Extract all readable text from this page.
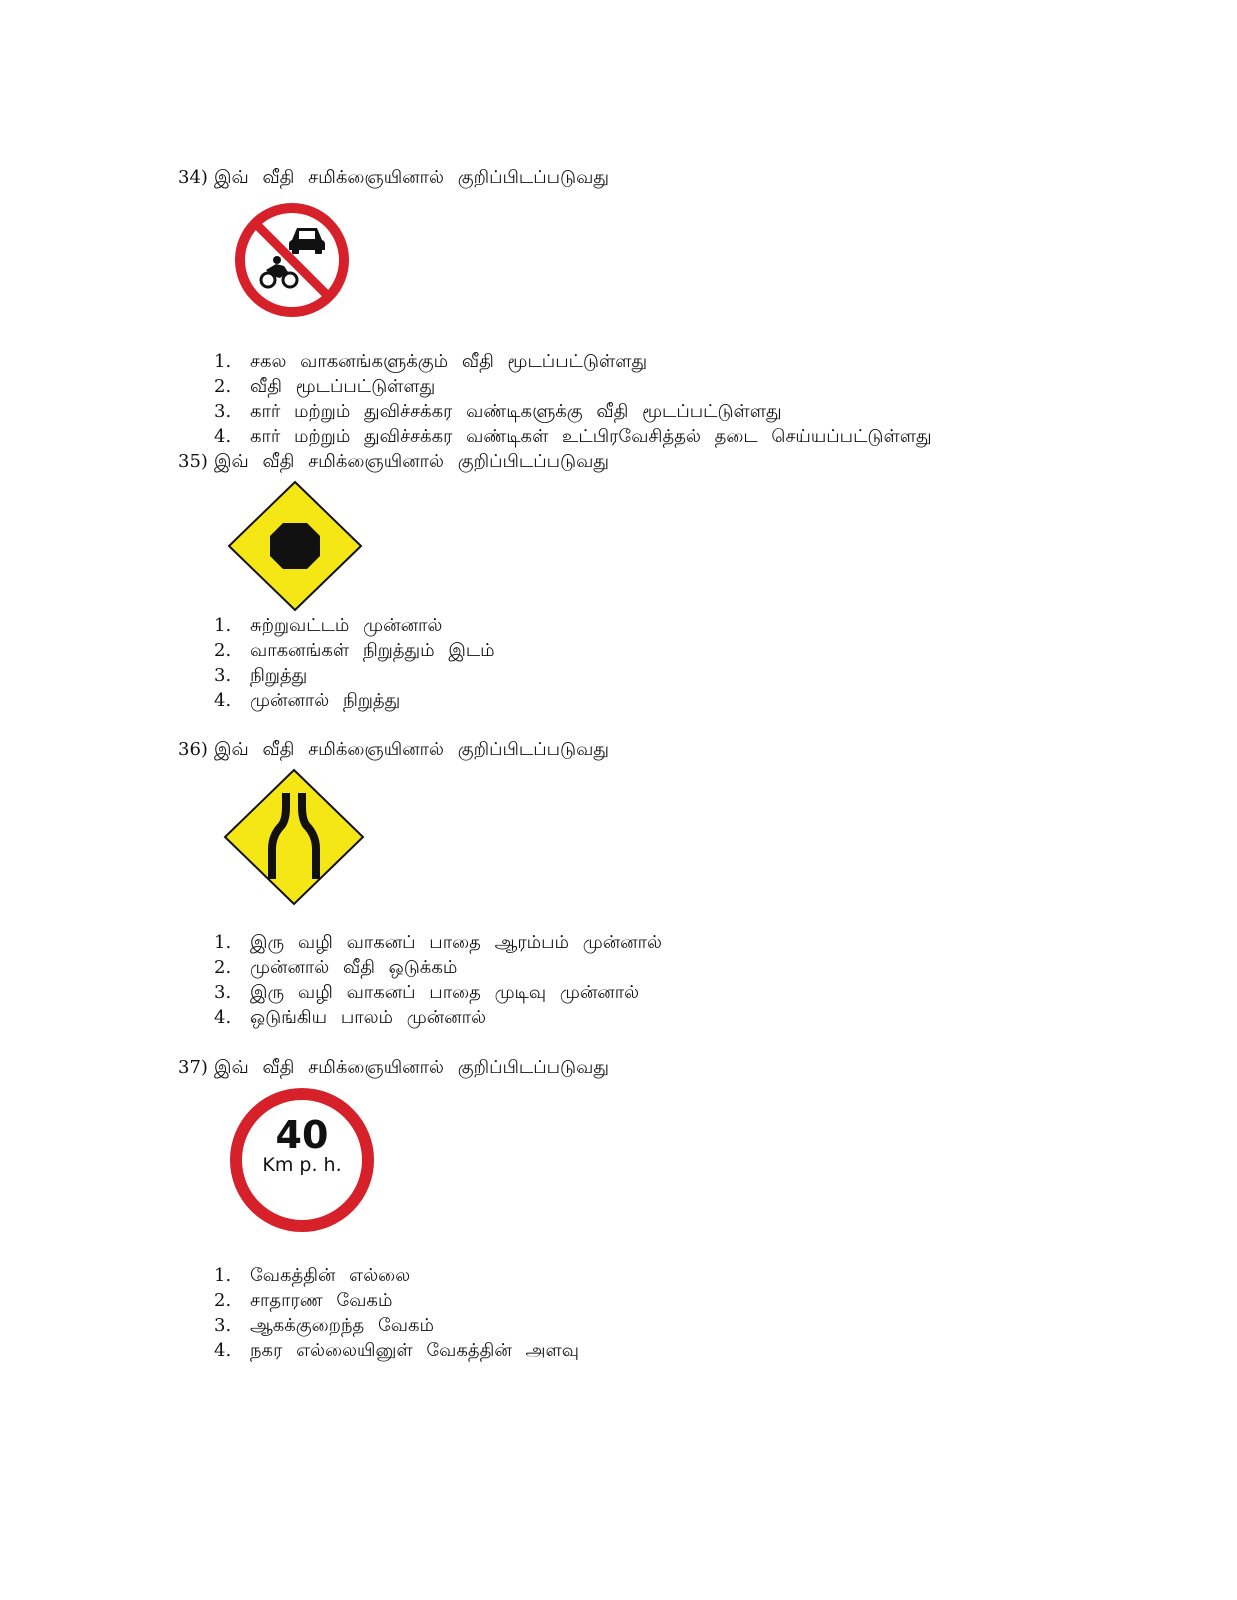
34) இவ் வீதி சமிக்ஞையினால் குறிப்பிடப்படுவது
1. சகல வாகனங்களுக்கும் வீதி மூடப்பட்டுள்ளது
2. வீதி மூடப்பட்டுள்ளது
3. கார் மற்றும் துவிச்சக்கர வண்டிகளுக்கு வீதி மூடப்பட்டுள்ளது
4. கார் மற்றும் துவிச்சக்கர வண்டிகள் உட்பிரவேசித்தல் தடை செய்யப்பட்டுள்ளது
35) இவ் வீதி சமிக்ஞையினால் குறிப்பிடப்படுவது
1. சுற்றுவட்டம் முன்னால்
2. வாகனங்கள் நிறுத்தும் இடம்
3. நிறுத்து
4. முன்னால் நிறுத்து
36) இவ் வீதி சமிக்ஞையினால் குறிப்பிடப்படுவது
1. இரு வழி வாகனப் பாதை ஆரம்பம் முன்னால்
2. முன்னால் வீதி ஒடுக்கம்
3. இரு வழி வாகனப் பாதை முடிவு முன்னால்
4. ஒடுங்கிய பாலம் முன்னால்
37) இவ் வீதி சமிக்ஞையினால் குறிப்பிடப்படுவது
40
Km p. h.
1. வேகத்தின் எல்லை
2. சாதாரண வேகம்
3. ஆகக்குறைந்த வேகம்
4. நகர எல்லையினுள் வேகத்தின் அளவு
